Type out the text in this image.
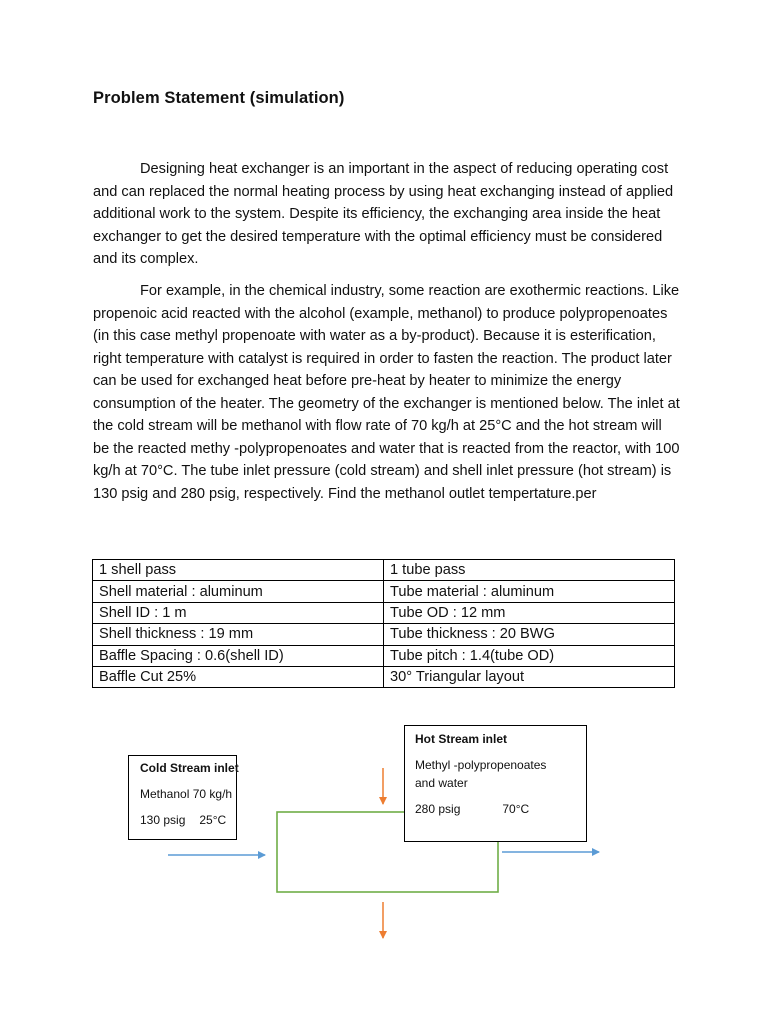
Problem Statement (simulation)

Designing heat exchanger is an important in the aspect of reducing operating cost and can replaced the normal heating process by using heat exchanging instead of applied additional work to the system. Despite its efficiency, the exchanging area inside the heat exchanger to get the desired temperature with the optimal efficiency must be considered and its complex.

For example, in the chemical industry, some reaction are exothermic reactions. Like propenoic acid reacted with the alcohol (example, methanol) to produce polypropenoates (in this case methyl propenoate with water as a by-product). Because it is esterification, right temperature with catalyst is required in order to fasten the reaction. The product later can be used for exchanged heat before pre-heat by heater to minimize the energy consumption of the heater. The geometry of the exchanger is mentioned below. The inlet at the cold stream will be methanol with flow rate of 70 kg/h at 25°C and the hot stream will be the reacted methy -polypropenoates and water that is reacted from the reactor, with 100 kg/h at 70°C. The tube inlet pressure (cold stream) and shell inlet pressure (hot stream) is 130 psig and 280 psig, respectively. Find the methanol outlet tempertature.per

1 shell pass	1 tube pass
Shell material : aluminum	Tube material : aluminum
Shell ID : 1 m	Tube OD : 12 mm
Shell thickness : 19 mm	Tube thickness : 20 BWG
Baffle Spacing : 0.6(shell ID)	Tube pitch : 1.4(tube OD)
Baffle Cut 25%	30° Triangular layout
Cold Stream inlet
Methanol 70 kg/h
130 psig 25°C
Hot Stream inlet
Methyl -polypropenoates
and water
280 psig	70°C
